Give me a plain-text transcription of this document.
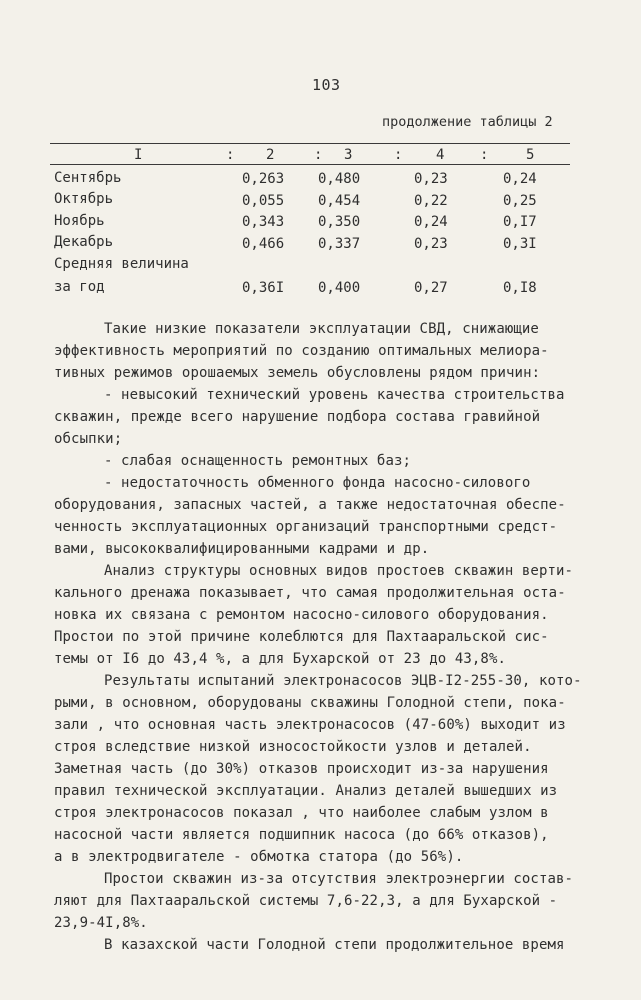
103
продолжение таблицы 2
I	: 2	: 3	: 4	:	5
Сентябрь	0,263 0,480	0,23	0,24
Октябрь	0,055 0,454	0,22	0,25
Ноябрь	0,343 0,350	0,24	0,I7
Декабрь	0,466 0,337	0,23	0,3I
Средняя величина
за год	0,36I 0,400	0,27	0,I8
Такие низкие показатели эксплуатации СВД, снижающие
эффективность мероприятий по созданию оптимальных мелиора-
тивных режимов орошаемых земель обусловлены рядом причин:
- невысокий технический уровень качества строительства
скважин, прежде всего нарушение подбора состава гравийной
обсыпки;
- слабая оснащенность ремонтных баз;
- недостаточность обменного фонда насосно-силового
оборудования, запасных частей, а также недостаточная обеспе-
ченность эксплуатационных организаций транспортными средст-
вами, высококвалифицированными кадрами и др.
Анализ структуры основных видов простоев скважин верти-
кального дренажа показывает, что самая продолжительная оста-
новка их связана с ремонтом насосно-силового оборудования.
Простои по этой причине колеблются для Пахтааральской сис-
темы от I6 до 43,4 %, а для Бухарской от 23 до 43,8%.
Результаты испытаний электронасосов ЭЦВ-I2-255-30, кото-
рыми, в основном, оборудованы скважины Голодной степи, пока-
зали , что основная часть электронасосов (47-60%) выходит из
строя вследствие низкой износостойкости узлов и деталей.
Заметная часть (до 30%) отказов происходит из-за нарушения
правил технической эксплуатации. Анализ деталей вышедших из
строя электронасосов показал , что наиболее слабым узлом в
насосной части является подшипник насоса (до 66% отказов),
а в электродвигателе - обмотка статора (до 56%).
Простои скважин из-за отсутствия электроэнергии состав-
ляют для Пахтааральской системы 7,6-22,3, а для Бухарской -
23,9-4I,8%.
В казахской части Голодной степи продолжительное время
